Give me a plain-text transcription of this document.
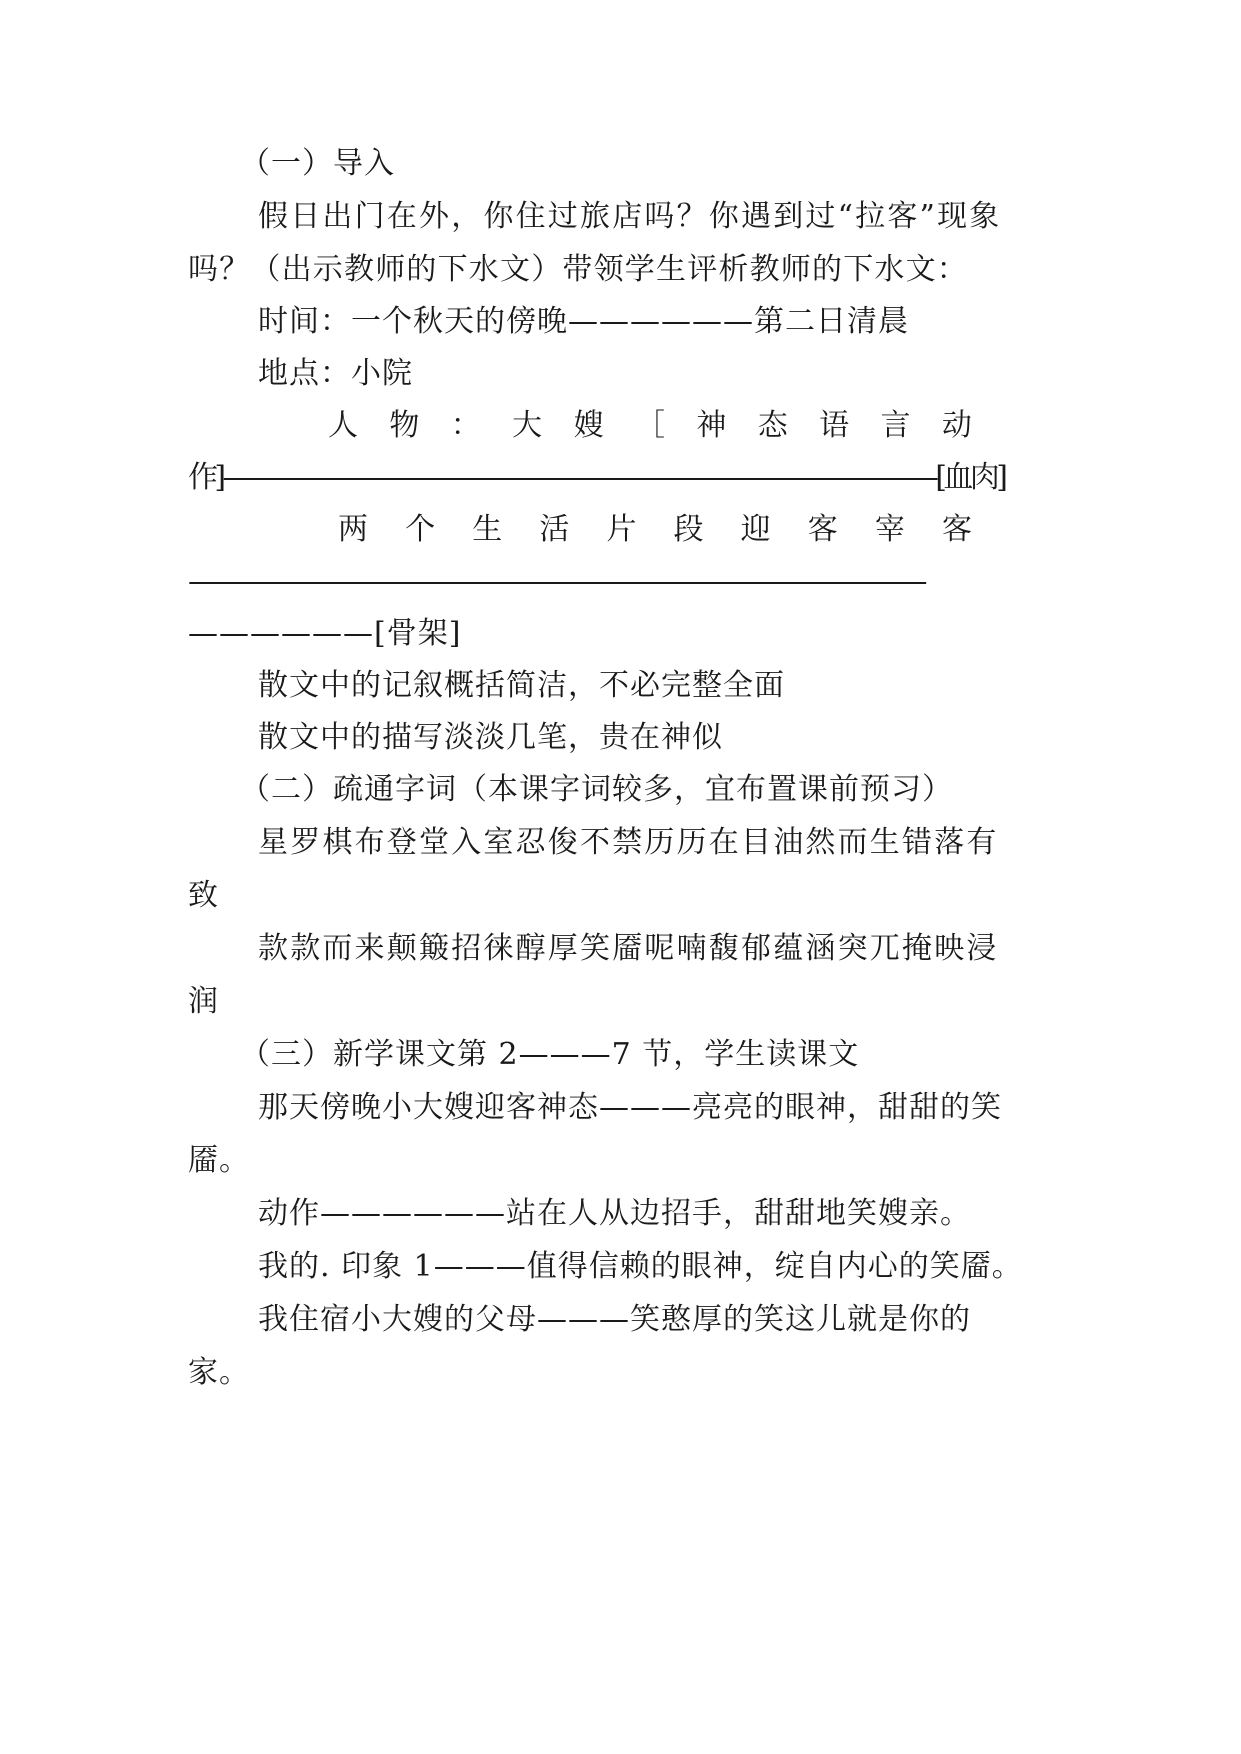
（一）导入
假日出门在外，你住过旅店吗？你遇到过“拉客”现象
吗？（出示教师的下水文）带领学生评析教师的下水文：
时间：一个秋天的傍晚——————第二日清晨
地点：小院
人 物 ： 大 嫂 ［ 神 态 语 言 动
作]———————————————————————————[血肉]
两 个 生 活 片 段 迎 客 宰 客
——————————————————————————————————
——————[骨架]
散文中的记叙概括简洁，不必完整全面
散文中的描写淡淡几笔，贵在神似
（二）疏通字词（本课字词较多，宜布置课前预习）
星罗棋布登堂入室忍俊不禁历历在目油然而生错落有
致
款款而来颠簸招徕醇厚笑靥呢喃馥郁蕴涵突兀掩映浸
润
（三）新学课文第 2———7 节，学生读课文
那天傍晚小大嫂迎客神态———亮亮的眼神，甜甜的笑
靥。
动作——————站在人从边招手，甜甜地笑嫂亲。
我的. 印象 1———值得信赖的眼神，绽自内心的笑靥。
我住宿小大嫂的父母———笑憨厚的笑这儿就是你的
家。
